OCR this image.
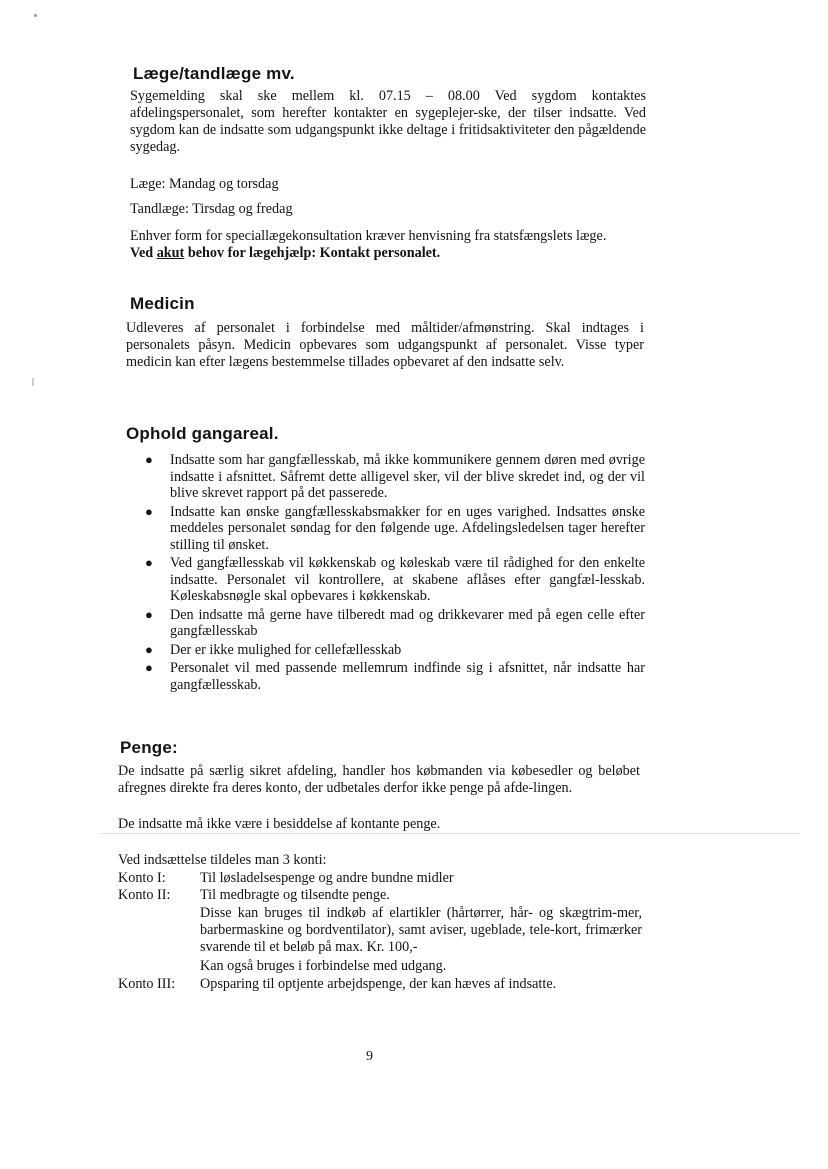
Læge/tandlæge mv.
Sygemelding skal ske mellem kl. 07.15 – 08.00 Ved sygdom kontaktes afdelingspersonalet, som herefter kontakter en sygeplejer-ske, der tilser indsatte. Ved sygdom kan de indsatte som udgangspunkt ikke deltage i fritidsaktiviteter den pågældende sygedag.
Læge: Mandag og torsdag
Tandlæge: Tirsdag og fredag
Enhver form for speciallægekonsultation kræver henvisning fra statsfængslets læge.
Ved akut behov for lægehjælp: Kontakt personalet.
Medicin
Udleveres af personalet i forbindelse med måltider/afmønstring. Skal indtages i personalets påsyn. Medicin opbevares som udgangspunkt af personalet. Visse typer medicin kan efter lægens bestemmelse tillades opbevaret af den indsatte selv.
Ophold gangareal.
● Indsatte som har gangfællesskab, må ikke kommunikere gennem døren med øvrige indsatte i afsnittet. Såfremt dette alligevel sker, vil der blive skredet ind, og der vil blive skrevet rapport på det passerede.
● Indsatte kan ønske gangfællesskabsmakker for en uges varighed. Indsattes ønske meddeles personalet søndag for den følgende uge. Afdelingsledelsen tager herefter stilling til ønsket.
● Ved gangfællesskab vil køkkenskab og køleskab være til rådighed for den enkelte indsatte. Personalet vil kontrollere, at skabene aflåses efter gangfæl-lesskab. Køleskabsnøgle skal opbevares i køkkenskab.
● Den indsatte må gerne have tilberedt mad og drikkevarer med på egen celle efter gangfællesskab
● Der er ikke mulighed for cellefællesskab
● Personalet vil med passende mellemrum indfinde sig i afsnittet, når indsatte har gangfællesskab.
Penge:
De indsatte på særlig sikret afdeling, handler hos købmanden via købesedler og beløbet afregnes direkte fra deres konto, der udbetales derfor ikke penge på afde-lingen.
De indsatte må ikke være i besiddelse af kontante penge.
Ved indsættelse tildeles man 3 konti:
Konto I: Til løsladelsespenge og andre bundne midler
Konto II: Til medbragte og tilsendte penge.
Disse kan bruges til indkøb af elartikler (hårtørrer, hår- og skægtrim-mer, barbermaskine og bordventilator), samt aviser, ugeblade, tele-kort, frimærker svarende til et beløb på max. Kr. 100,-
Kan også bruges i forbindelse med udgang.
Konto III: Opsparing til optjente arbejdspenge, der kan hæves af indsatte.
9
